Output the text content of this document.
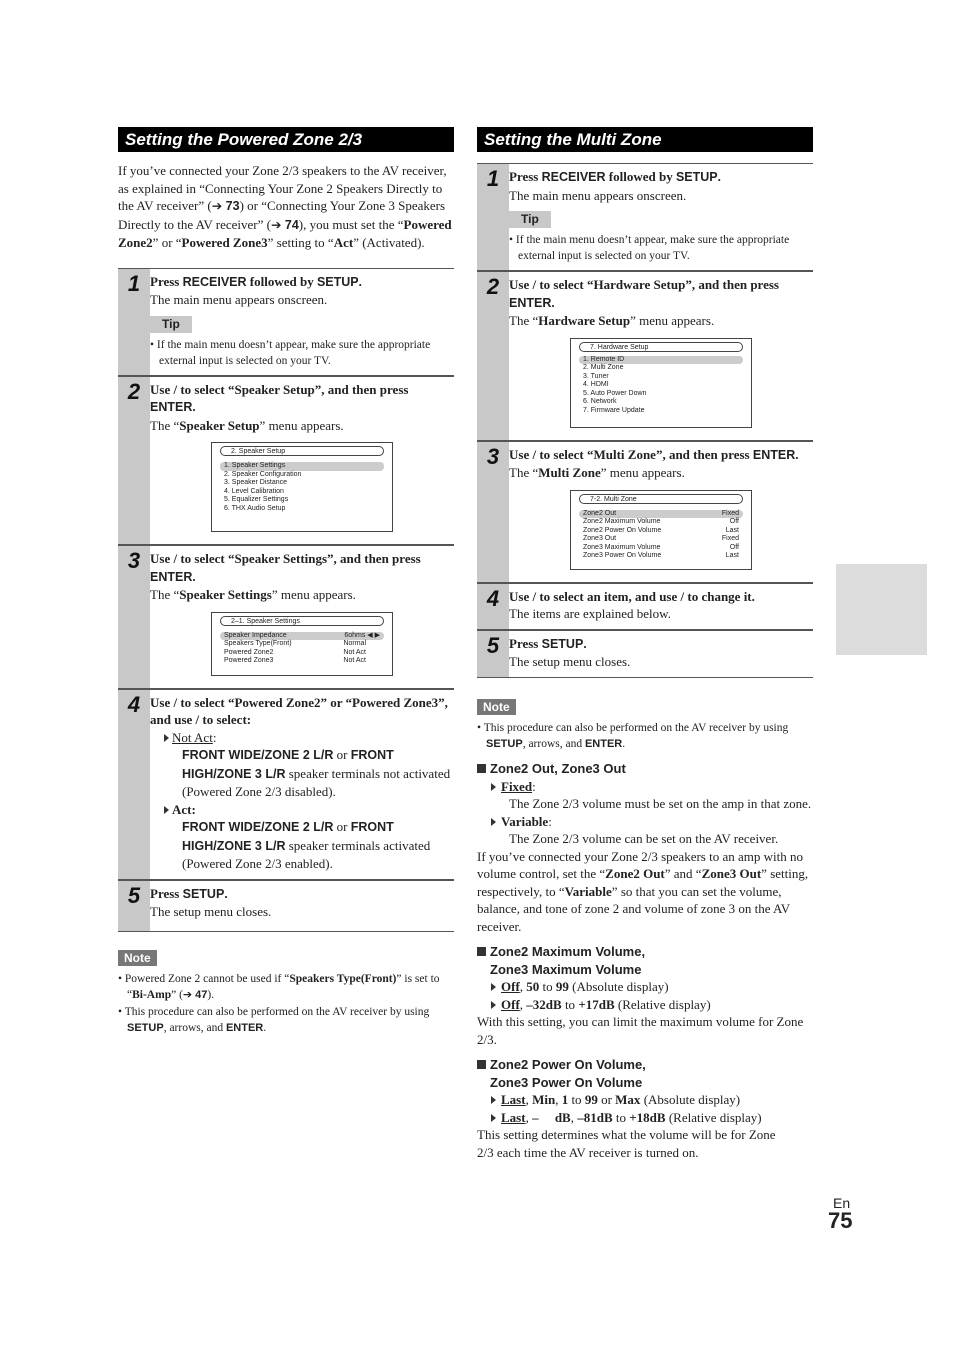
Setting the Powered Zone 2/3
If you’ve connected your Zone 2/3 speakers to the AV receiver, as explained in “Connecting Your Zone 2 Speakers Directly to the AV receiver” (➔ 73) or “Connecting Your Zone 3 Speakers Directly to the AV receiver” (➔ 74), you must set the “Powered Zone2” or “Powered Zone3” setting to “Act” (Activated).
1 Press RECEIVER followed by SETUP.
The main menu appears onscreen.
Tip
• If the main menu doesn’t appear, make sure the appropriate external input is selected on your TV.
2 Use / to select “Speaker Setup”, and then press ENTER.
The “Speaker Setup” menu appears.
2. Speaker Setup
1. Speaker Settings
2. Speaker Configuration
3. Speaker Distance
4. Level Calibration
5. Equalizer Settings
6. THX Audio Setup
3 Use / to select “Speaker Settings”, and then press ENTER.
The “Speaker Settings” menu appears.
2–1. Speaker Settings
Speaker Impedance	6ohms ◀ ▶
Speakers Type(Front)	Normal
Powered Zone2	Not Act
Powered Zone3	Not Act
4 Use / to select “Powered Zone2” or “Powered Zone3”, and use / to select:
Not Act:
FRONT WIDE/ZONE 2 L/R or FRONT HIGH/ZONE 3 L/R speaker terminals not activated (Powered Zone 2/3 disabled).
Act:
FRONT WIDE/ZONE 2 L/R or FRONT HIGH/ZONE 3 L/R speaker terminals activated (Powered Zone 2/3 enabled).
5 Press SETUP.
The setup menu closes.
Note
• Powered Zone 2 cannot be used if “Speakers Type(Front)” is set to “Bi-Amp” (➔ 47).
• This procedure can also be performed on the AV receiver by using SETUP, arrows, and ENTER.
Setting the Multi Zone
1 Press RECEIVER followed by SETUP.
The main menu appears onscreen.
Tip
• If the main menu doesn’t appear, make sure the appropriate external input is selected on your TV.
2 Use / to select “Hardware Setup”, and then press ENTER.
The “Hardware Setup” menu appears.
7. Hardware Setup
1. Remote ID
2. Multi Zone
3. Tuner
4. HDMI
5. Auto Power Down
6. Network
7. Firmware Update
3 Use / to select “Multi Zone”, and then press ENTER.
The “Multi Zone” menu appears.
7-2. Multi Zone
Zone2 Out	Fixed
Zone2 Maximum Volume	Off
Zone2 Power On Volume	Last
Zone3 Out	Fixed
Zone3 Maximum Volume	Off
Zone3 Power On Volume	Last
4 Use / to select an item, and use / to change it.
The items are explained below.
5 Press SETUP.
The setup menu closes.
Note
• This procedure can also be performed on the AV receiver by using SETUP, arrows, and ENTER.
Zone2 Out, Zone3 Out
Fixed:
The Zone 2/3 volume must be set on the amp in that zone.
Variable:
The Zone 2/3 volume can be set on the AV receiver.
If you’ve connected your Zone 2/3 speakers to an amp with no volume control, set the “Zone2 Out” and “Zone3 Out” setting, respectively, to “Variable” so that you can set the volume, balance, and tone of zone 2 and volume of zone 3 on the AV receiver.
Zone2 Maximum Volume,
Zone3 Maximum Volume
Off, 50 to 99 (Absolute display)
Off, –32dB to +17dB (Relative display)
With this setting, you can limit the maximum volume for Zone 2/3.
Zone2 Power On Volume,
Zone3 Power On Volume
Last, Min, 1 to 99 or Max (Absolute display)
Last, –     dB, –81dB to +18dB (Relative display)
This setting determines what the volume will be for Zone 2/3 each time the AV receiver is turned on.
En
75
